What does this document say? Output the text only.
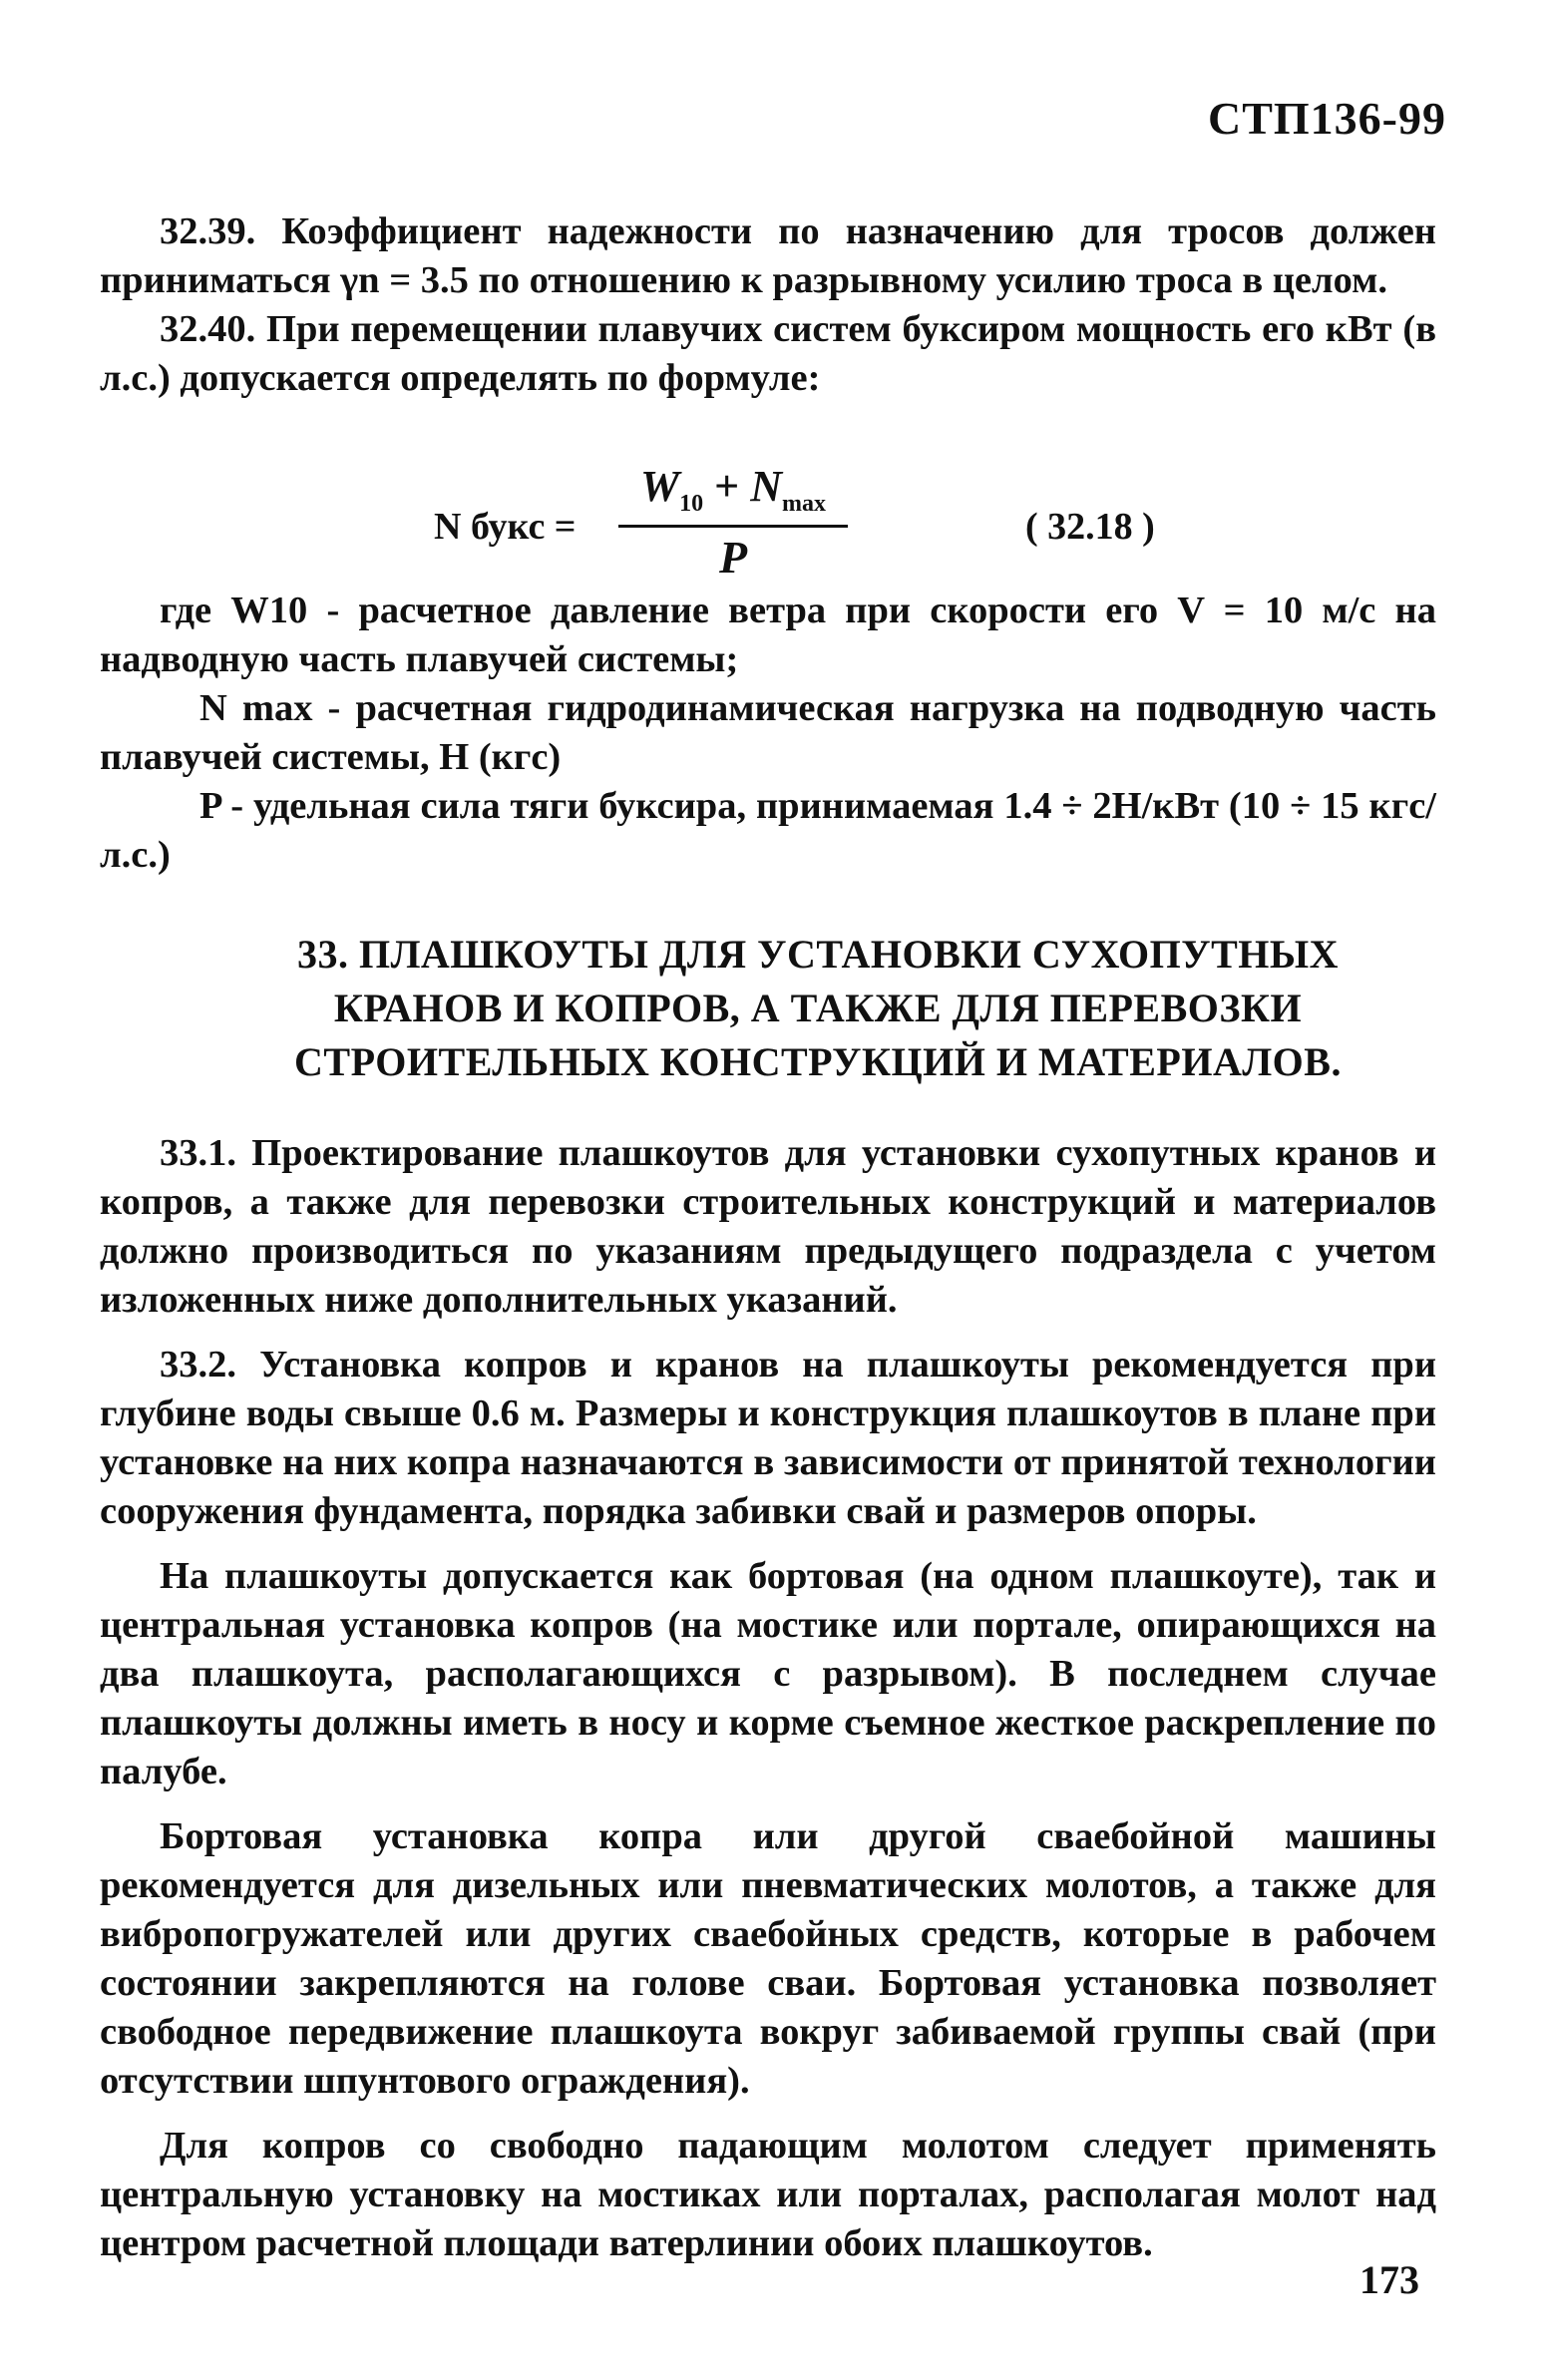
СТП136-99

32.39. Коэффициент надежности по назначению для тросов должен приниматься γn = 3.5 по отношению к разрывному усилию троса в целом.

32.40. При перемещении плавучих систем буксиром мощность его кВт (в л.с.) допускается определять по формуле:

N букс =
$W_{10} + N_{max}$
P
( 32.18 )

где W10 - расчетное давление ветра при скорости его V = 10 м/с на надводную часть плавучей системы;

N max - расчетная гидродинамическая нагрузка на подводную часть плавучей системы, Н (кгс)

P - удельная сила тяги буксира, принимаемая 1.4 ÷ 2Н/кВт (10 ÷ 15 кгс/л.с.)

33. ПЛАШКОУТЫ ДЛЯ УСТАНОВКИ СУХОПУТНЫХ
КРАНОВ И КОПРОВ, А ТАКЖЕ ДЛЯ ПЕРЕВОЗКИ
СТРОИТЕЛЬНЫХ КОНСТРУКЦИЙ И МАТЕРИАЛОВ.

33.1. Проектирование плашкоутов для установки сухопутных кранов и копров, а также для перевозки строительных конструкций и материалов должно производиться по указаниям предыдущего подраздела с учетом изложенных ниже дополнительных указаний.

33.2. Установка копров и кранов на плашкоуты рекомендуется при глубине воды свыше 0.6 м. Размеры и конструкция плашкоутов в плане при установке на них копра назначаются в зависимости от принятой технологии сооружения фундамента, порядка забивки свай и размеров опоры.

На плашкоуты допускается как бортовая (на одном плашкоуте), так и центральная установка копров (на мостике или портале, опирающихся на два плашкоута, располагающихся с разрывом). В последнем случае плашкоуты должны иметь в носу и корме съемное жесткое раскрепление по палубе.

Бортовая установка копра или другой сваебойной машины рекомендуется для дизельных или пневматических молотов, а также для вибропогружателей или других сваебойных средств, которые в рабочем состоянии закрепляются на голове сваи. Бортовая установка позволяет свободное передвижение плашкоута вокруг забиваемой группы свай (при отсутствии шпунтового ограждения).

Для копров со свободно падающим молотом следует применять центральную установку на мостиках или порталах, располагая молот над центром расчетной площади ватерлинии обоих плашкоутов.

173
